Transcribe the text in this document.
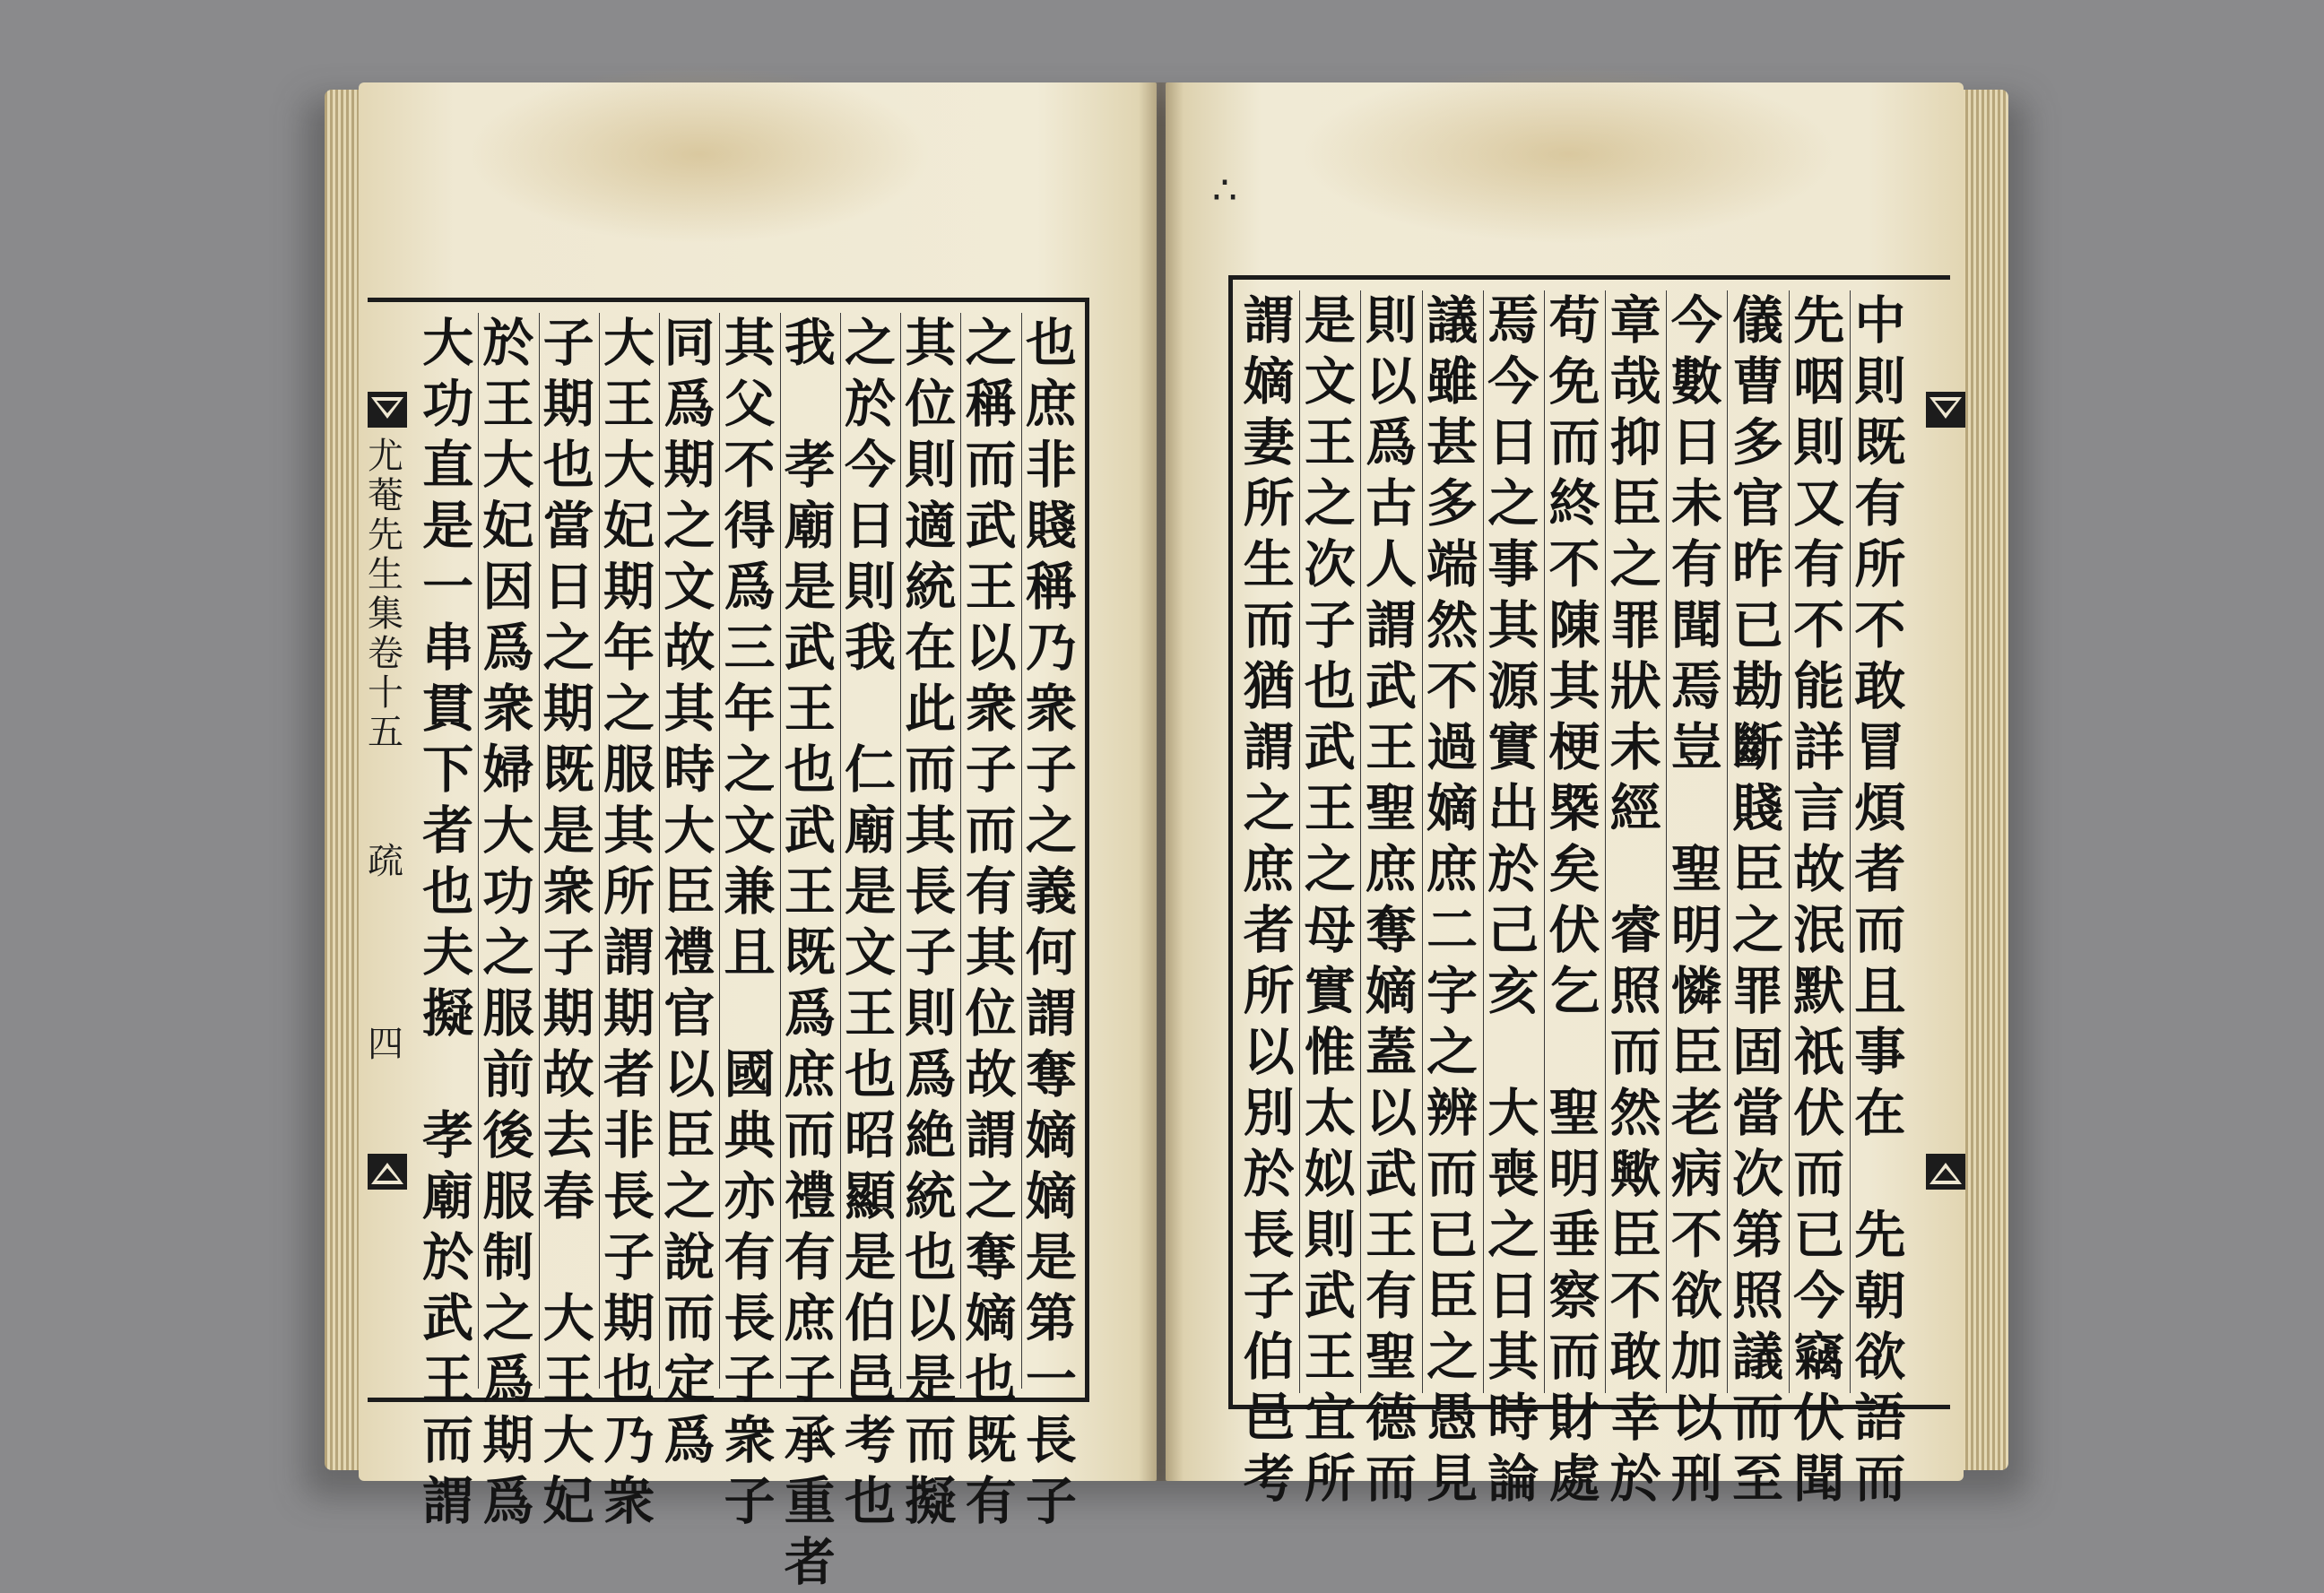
尤
菴
先
生
集
卷
十
五
疏
四
也
庶
非
賤
稱
乃
衆
子
之
義
何
謂
奪
嫡
嫡
是
第
一
長
子
之
稱
而
武
王
以
衆
子
而
有
其
位
故
謂
之
奪
嫡
也
既
有
其
位
則
適
統
在
此
而
其
長
子
則
爲
絶
統
也
以
是
而
擬
之
於
今
日
則
我

仁
廟
是
文
王
也
昭
顯
是
伯
邑
考
也
我

孝
廟
是
武
王
也
武
王
既
爲
庶
而
禮
有
庶
子
承
重
者
其
父
不
得
爲
三
年
之
文
兼
且

國
典
亦
有
長
子
衆
子
同
爲
期
之
文
故
其
時
大
臣
禮
官
以
臣
之
說
而
定
爲
大
王
大
妃
期
年
之
服
其
所
謂
期
者
非
長
子
期
也
乃
衆
子
期
也
當
日
之
期
既
是
衆
子
期
故
去
春

大
王
大
妃
於
王
大
妃
因
爲
衆
婦
大
功
之
服
前
後
服
制
之
爲
期
爲
大
功
直
是
一
串
貫
下
者
也
夫
擬

孝
廟
於
武
王
而
謂
∴
中
則
既
有
所
不
敢
冒
煩
者
而
且
事
在

先
朝
欲
語
而
先
咽
則
又
有
不
能
詳
言
故
泯
默
祇
伏
而
已
今
竊
伏
聞
儀
曹
多
官
昨
已
勘
斷
賤
臣
之
罪
固
當
次
第
照
議
而
至
今
數
日
未
有
聞
焉
豈

聖
明
憐
臣
老
病
不
欲
加
以
刑
章
哉
抑
臣
之
罪
狀
未
經

睿
照
而
然
歟
臣
不
敢
幸
於
苟
免
而
終
不
陳
其
梗
槩
矣
伏
乞

聖
明
垂
察
而
財
處
焉
今
日
之
事
其
源
實
出
於
己
亥

大
喪
之
日
其
時
論
議
雖
甚
多
端
然
不
過
嫡
庶
二
字
之
辨
而
已
臣
之
愚
見
則
以
爲
古
人
謂
武
王
聖
庶
奪
嫡
蓋
以
武
王
有
聖
德
而
是
文
王
之
次
子
也
武
王
之
母
實
惟
太
姒
則
武
王
宜
所
謂
嫡
妻
所
生
而
猶
謂
之
庶
者
所
以
別
於
長
子
伯
邑
考
